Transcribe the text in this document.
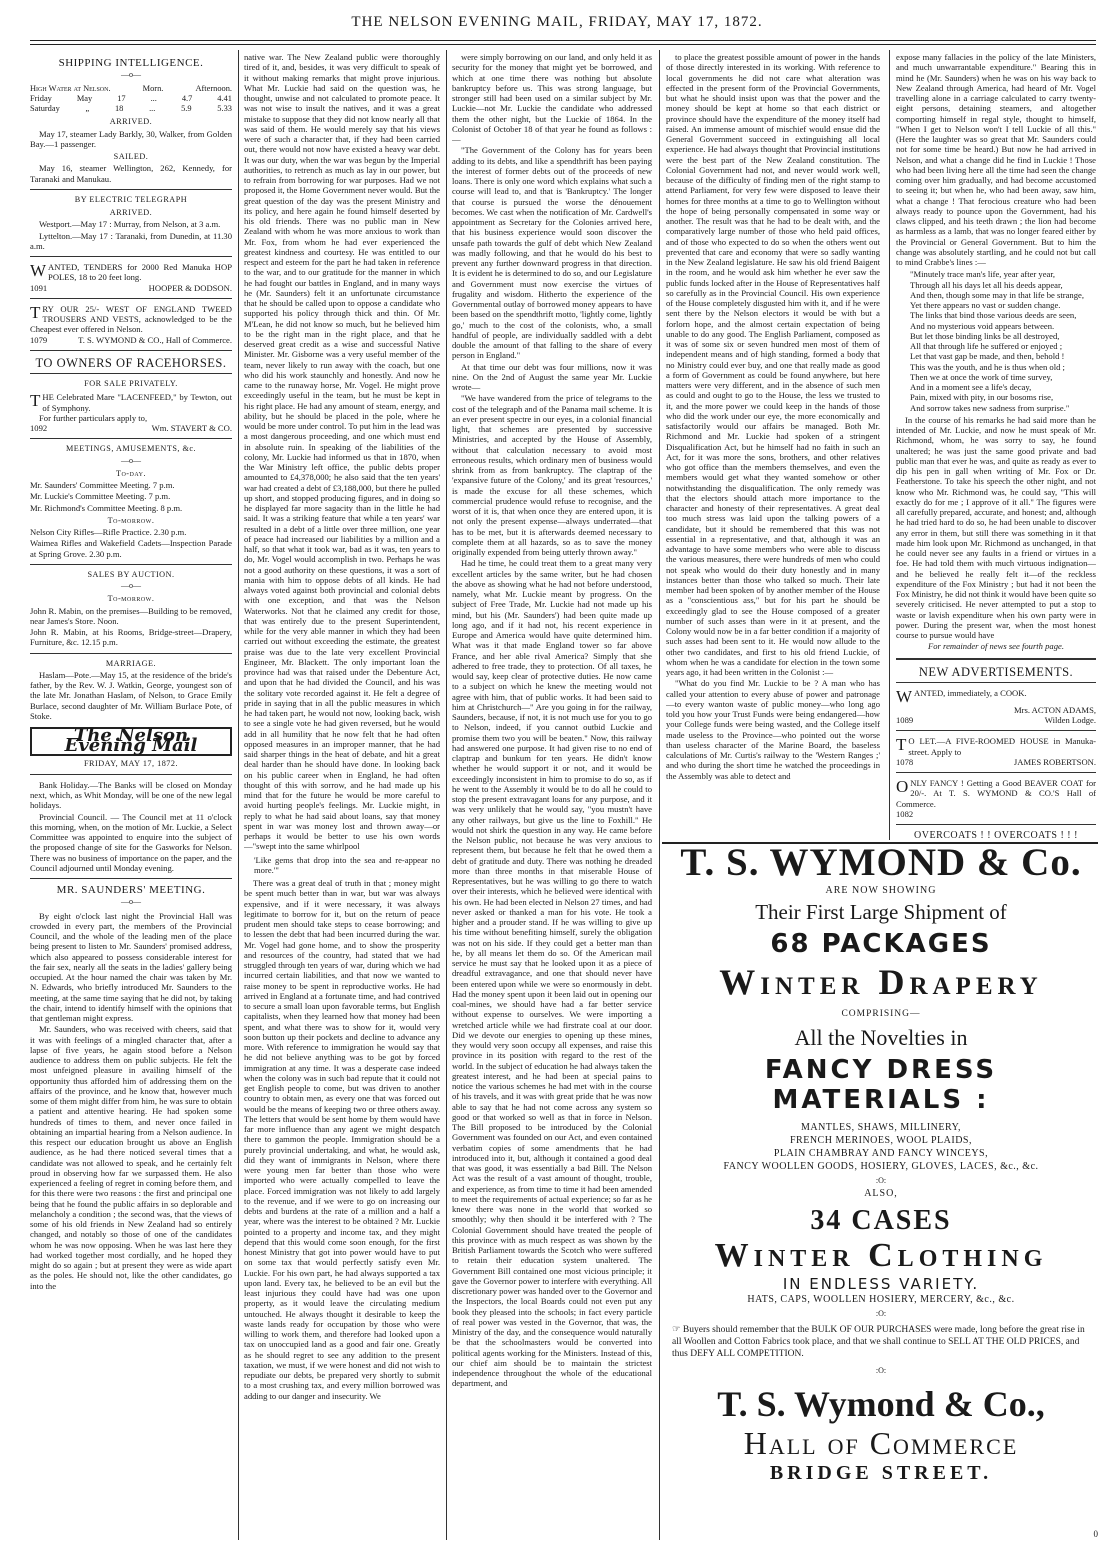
THE NELSON EVENING MAIL, FRIDAY, MAY 17, 1872.
SHIPPING INTELLIGENCE.
—o—
High Water at Nelson.	Morn.	Afternoon.
Friday	May	17	...	4.7	4.41
Saturday	„	18	...	5.9	5.33
ARRIVED.

May 17, steamer Lady Barkly, 30, Walker, from Golden Bay.—1 passenger.

SAILED.

May 16, steamer Wellington, 262, Kennedy, for Taranaki and Manukau.

BY ELECTRIC TELEGRAPH
ARRIVED.

Westport.—May 17 : Murray, from Nelson, at 3 a.m.

Lyttelton.—May 17 : Taranaki, from Dunedin, at 11.30 a.m.

WANTED, TENDERS for 2000 Red Manuka HOP POLES, 18 to 20 feet long.
1091	HOOPER & DODSON.
TRY OUR 25/- WEST OF ENGLAND TWEED TROUSERS AND VESTS, acknowledged to be the Cheapest ever offered in Nelson.
1079	T. S. WYMOND & CO., Hall of Commerce.
TO OWNERS OF RACEHORSES.
FOR SALE PRIVATELY.
T HE Celebrated Mare "LACENFEED," by Tewton, out of Symphony.
For further particulars apply to,
1092	Wm. STAVERT & CO.
MEETINGS, AMUSEMENTS, &c.
—o—
To-day.

Mr. Saunders' Committee Meeting. 7 p.m.

Mr. Luckie's Committee Meeting. 7 p.m.

Mr. Richmond's Committee Meeting. 8 p.m.

To-morrow.

Nelson City Rifles—Rifle Practice. 2.30 p.m.

Waimea Rifles and Wakefield Cadets—Inspection Parade at Spring Grove. 2.30 p.m.

SALES BY AUCTION.
—o—
To-morrow.

John R. Mabin, on the premises—Building to be removed, near James's Store. Noon.

John R. Mabin, at his Rooms, Bridge-street—Drapery, Furniture, &c. 12.15 p.m.

MARRIAGE.

Haslam—Pote.—May 15, at the residence of the bride's father, by the Rev. W. J. Watkin, George, youngest son of the late Mr. Jonathan Haslam, of Nelson, to Grace Emily Burlace, second daughter of Mr. William Burlace Pote, of Stoke.

The Nelson Evening Mail
FRIDAY, MAY 17, 1872.

Bank Holiday.—The Banks will be closed on Monday next, which, as Whit Monday, will be one of the new legal holidays.

Provincial Council. — The Council met at 11 o'clock this morning, when, on the motion of Mr. Luckie, a Select Committee was appointed to enquire into the subject of the proposed change of site for the Gasworks for Nelson. There was no business of importance on the paper, and the Council adjourned until Monday evening.

MR. SAUNDERS' MEETING.
—o—

By eight o'clock last night the Provincial Hall was crowded in every part, the members of the Provincial Council, and the whole of the leading men of the place being present to listen to Mr. Saunders' promised address, which also appeared to possess considerable interest for the fair sex, nearly all the seats in the ladies' gallery being occupied. At the hour named the chair was taken by Mr. N. Edwards, who briefly introduced Mr. Saunders to the meeting, at the same time saying that he did not, by taking the chair, intend to identify himself with the opinions that that gentleman might express.

Mr. Saunders, who was received with cheers, said that it was with feelings of a mingled character that, after a lapse of five years, he again stood before a Nelson audience to address them on public subjects. He felt the most unfeigned pleasure in availing himself of the opportunity thus afforded him of addressing them on the affairs of the province, and he know that, however much some of them might differ from him, he was sure to obtain a patient and attentive hearing. He had spoken some hundreds of times to them, and never once failed in obtaining an impartial hearing from a Nelson audience. In this respect our education brought us above an English audience, as he had there noticed several times that a candidate was not allowed to speak, and he certainly felt proud in observing how far we surpassed them. He also experienced a feeling of regret in coming before them, and for this there were two reasons : the first and principal one being that he found the public affairs in so deplorable and melancholy a condition ; the second was, that the views of some of his old friends in New Zealand had so entirely changed, and notably so those of one of the candidates whom he was now opposing. When he was last here they had worked together most cordially, and he hoped they might do so again ; but at present they were as wide apart as the poles. He should not, like the other candidates, go into the

native war. The New Zealand public were thoroughly tired of it, and, besides, it was very difficult to speak of it without making remarks that might prove injurious. What Mr. Luckie had said on the question was, he thought, unwise and not calculated to promote peace. It was not wise to insult the natives, and it was a great mistake to suppose that they did not know nearly all that was said of them. He would merely say that his views were of such a character that, if they had been carried out, there would not now have existed a heavy war debt. It was our duty, when the war was begun by the Imperial authorities, to retrench as much as lay in our power, but to refrain from borrowing for war purposes. Had we not proposed it, the Home Government never would. But the great question of the day was the present Ministry and its policy, and here again he found himself deserted by his old friends. There was no public man in New Zealand with whom he was more anxious to work than Mr. Fox, from whom he had ever experienced the greatest kindness and courtesy. He was entitled to our respect and esteem for the part he had taken in reference to the war, and to our gratitude for the manner in which he had fought our battles in England, and in many ways he (Mr. Saunders) felt it an unfortunate circumstance that he should be called upon to oppose a candidate who supported his policy through thick and thin. Of Mr. M'Lean, he did not know so much, but he believed him to be the right man in the right place, and that he deserved great credit as a wise and successful Native Minister. Mr. Gisborne was a very useful member of the team, never likely to run away with the coach, but one who did his work staunchly and honestly. And now he came to the runaway horse, Mr. Vogel. He might prove exceedingly useful in the team, but he must be kept in his right place. He had any amount of steam, energy, and ability, but he should be placed in the pole, where he would be more under control. To put him in the lead was a most dangerous proceeding, and one which must end in absolute ruin. In speaking of the liabilities of the colony, Mr. Luckie had informed us that in 1870, when the War Ministry left office, the public debts proper amounted to £4,378,000; he also said that the ten years' war had created a debt of £3,188,000, but there he pulled up short, and stopped producing figures, and in doing so he displayed far more sagacity than in the little he had said. It was a striking feature that while a ten years' war resulted in a debt of a little over three million, one year of peace had increased our liabilities by a million and a half, so that what it took war, bad as it was, ten years to do, Mr. Vogel would accomplish in two. Perhaps he was not a good authority on these questions, it was a sort of mania with him to oppose debts of all kinds. He had always voted against both provincial and colonial debts with one exception, and that was the Nelson Waterworks. Not that he claimed any credit for those, that was entirely due to the present Superintendent, while for the very able manner in which they had been carried out without exceeding the estimate, the greatest praise was due to the late very excellent Provincial Engineer, Mr. Blackett. The only important loan the province had was that raised under the Debenture Act, and upon that he had divided the Council, and his was the solitary vote recorded against it. He felt a degree of pride in saying that in all the public measures in which he had taken part, he would not now, looking back, wish to see a single vote he had given reversed, but he would add in all humility that he now felt that he had often opposed measures in an improper manner, that he had said sharper things in the heat of debate, and hit a great deal harder than he should have done. In looking back on his public career when in England, he had often thought of this with sorrow, and he had made up his mind that for the future he would be more careful to avoid hurting people's feelings. Mr. Luckie might, in reply to what he had said about loans, say that money spent in war was money lost and thrown away—or perhaps it would be better to use his own words—"swept into the same whirlpool

'Like gems that drop into the sea and re-appear no more.'"

There was a great deal of truth in that ; money might be spent much better than in war, but war was always expensive, and if it were necessary, it was always legitimate to borrow for it, but on the return of peace prudent men should take steps to cease borrowing; and to lessen the debt that had been incurred during the war. Mr. Vogel had gone home, and to show the prosperity and resources of the country, had stated that we had struggled through ten years of war, during which we had incurred certain liabilities, and that now we wanted to raise money to be spent in reproductive works. He had arrived in England at a fortunate time, and had contrived to secure a small loan upon favorable terms, but English capitalists, when they learned how that money had been spent, and what there was to show for it, would very soon button up their pockets and decline to advance any more. With reference to immigration he would say that he did not believe anything was to be got by forced immigration at any time. It was a desperate case indeed when the colony was in such bad repute that it could not get English people to come, but was driven to another country to obtain men, as every one that was forced out would be the means of keeping two or three others away. The letters that would be sent home by them would have far more influence than any agent we might despatch there to gammon the people. Immigration should be a purely provincial undertaking, and what, he would ask, did they want of immigrants in Nelson, where there were young men far better than those who were imported who were actually compelled to leave the place. Forced immigration was not likely to add largely to the revenue, and if we were to go on increasing our debts and burdens at the rate of a million and a half a year, where was the interest to be obtained ? Mr. Luckie pointed to a property and income tax, and they might depend that this would come soon enough, for the first honest Ministry that got into power would have to put on some tax that would perfectly satisfy even Mr. Luckie. For his own part, he had always supported a tax upon land. Every tax, he believed to be an evil but the least injurious they could have had was one upon property, as it would leave the circulating medium untouched. He always thought it desirable to keep the waste lands ready for occupation by those who were willing to work them, and therefore had looked upon a tax on unoccupied land as a good and fair one. Greatly as he should regret to see any addition to the present taxation, we must, if we were honest and did not wish to repudiate our debts, be prepared very shortly to submit to a most crushing tax, and every million borrowed was adding to our danger and insecurity. We

were simply borrowing on our land, and only held it as security for the money that might yet be borrowed, and which at one time there was nothing but absolute bankruptcy before us. This was strong language, but stronger still had been used on a similar subject by Mr. Luckie—not Mr. Luckie the candidate who addressed them the other night, but the Luckie of 1864. In the Colonist of October 18 of that year he found as follows :—

"The Government of the Colony has for years been adding to its debts, and like a spendthrift has been paying the interest of former debts out of the proceeds of new loans. There is only one word which explains what such a course will lead to, and that is 'Bankruptcy.' The longer that course is pursued the worse the dénouement becomes. We cast when the notification of Mr. Cardwell's appointment as Secretary for the Colonies arrived here, that his business experience would soon discover the unsafe path towards the gulf of debt which New Zealand was madly following, and that he would do his best to prevent any further downward progress in that direction. It is evident he is determined to do so, and our Legislature and Government must now exercise the virtues of frugality and wisdom. Hitherto the experience of the Governmental outlay of borrowed money appears to have been based on the spendthrift motto, 'lightly come, lightly go,' much to the cost of the colonists, who, a small handful of people, are individually saddled with a debt double the amount of that falling to the share of every person in England."

At that time our debt was four millions, now it was nine. On the 2nd of August the same year Mr. Luckie wrote—

"We have wandered from the price of telegrams to the cost of the telegraph and of the Panama mail scheme. It is an ever present spectre in our eyes, in a colonial financial light, that schemes are presented by successive Ministries, and accepted by the House of Assembly, without that calculation necessary to avoid most erroneous results, which ordinary men of business would shrink from as from bankruptcy. The claptrap of the 'expansive future of the Colony,' and its great 'resources,' is made the excuse for all these schemes, which commercial prudence would refuse to recognise, and the worst of it is, that when once they are entered upon, it is not only the present expense—always underrated—that has to be met, but it is afterwards deemed necessary to complete them at all hazards, so as to save the money originally expended from being utterly thrown away."

Had he time, he could treat them to a great many very excellent articles by the same writer, but he had chosen the above as showing what he had not before understood, namely, what Mr. Luckie meant by progress. On the subject of Free Trade, Mr. Luckie had not made up his mind, but his (Mr. Saunders') had been quite made up long ago, and if it had not, his recent experience in Europe and America would have quite determined him. What was it that made England tower so far above France, and her able rival America? Simply that she adhered to free trade, they to protection. Of all taxes, he would say, keep clear of protective duties. He now came to a subject on which he knew the meeting would not agree with him, that of public works. It had been said to him at Christchurch—" Are you going in for the railway, Saunders, because, if not, it is not much use for you to go to Nelson, indeed, if you cannot outbid Luckie and promise them two you will be beaten." Now, this railway had answered one purpose. It had given rise to no end of claptrap and bunkum for ten years. He didn't know whether he would support it or not, and it would be exceedingly inconsistent in him to promise to do so, as if he went to the Assembly it would be to do all he could to stop the present extravagant loans for any purpose, and it was very unlikely that he would say, "you mustn't have any other railways, but give us the line to Foxhill." He would not shirk the question in any way. He came before the Nelson public, not because he was very anxious to represent them, but because he felt that he owed them a debt of gratitude and duty. There was nothing he dreaded more than three months in that miserable House of Representatives, but he was willing to go there to watch over their interests, which he believed were identical with his own. He had been elected in Nelson 27 times, and had never asked or thanked a man for his vote. He took a higher and a prouder stand. If he was willing to give up his time without benefiting himself, surely the obligation was not on his side. If they could get a better man than he, by all means let them do so. Of the American mail service he must say that he looked upon it as a piece of dreadful extravagance, and one that should never have been entered upon while we were so enormously in debt. Had the money spent upon it been laid out in opening our coal-mines, we should have had a far better service without expense to ourselves. We were importing a wretched article while we had firstrate coal at our door. Did we devote our energies to opening up these mines, they would very soon occupy all expenses, and raise this province in its position with regard to the rest of the world. In the subject of education he had always taken the greatest interest, and he had been at special pains to notice the various schemes he had met with in the course of his travels, and it was with great pride that he was now able to say that he had not come across any system so good or that worked so well as that in force in Nelson. The Bill proposed to be introduced by the Colonial Government was founded on our Act, and even contained verbatim copies of some amendments that he had introduced into it, but, although it contained a good deal that was good, it was essentially a bad Bill. The Nelson Act was the result of a vast amount of thought, trouble, and experience, as from time to time it had been amended to meet the requirements of actual experience; so far as he knew there was none in the world that worked so smoothly; why then should it be interfered with ? The Colonial Government should have treated the people of this province with as much respect as was shown by the British Parliament towards the Scotch who were suffered to retain their education system unaltered. The Government Bill contained one most vicious principle; it gave the Governor power to interfere with everything. All discretionary power was handed over to the Governor and the Inspectors, the local Boards could not even put any book they pleased into the schools; in fact every particle of real power was vested in the Governor, that was, the Ministry of the day, and the consequence would naturally be that the schoolmasters would be converted into political agents working for the Ministers. Instead of this, our chief aim should be to maintain the strictest independence throughout the whole of the educational department, and

to place the greatest possible amount of power in the hands of those directly interested in its working. With reference to local governments he did not care what alteration was effected in the present form of the Provincial Governments, but what he should insist upon was that the power and the money should be kept at home so that each district or province should have the expenditure of the money itself had raised. An immense amount of mischief would ensue did the General Government succeed in extinguishing all local experience. He had always thought that Provincial institutions were the best part of the New Zealand constitution. The Colonial Government had not, and never would work well, because of the difficulty of finding men of the right stamp to attend Parliament, for very few were disposed to leave their homes for three months at a time to go to Wellington without the hope of being personally compensated in some way or another. The result was that he had to be dealt with, and the comparatively large number of those who held paid offices, and of those who expected to do so when the others went out prevented that care and economy that were so sadly wanting in the New Zealand legislature. He saw his old friend Baigent in the room, and he would ask him whether he ever saw the public funds locked after in the House of Representatives half so carefully as in the Provincial Council. His own experience of the House completely disgusted him with it, and if he were sent there by the Nelson electors it would be with but a forlorn hope, and the almost certain expectation of being unable to do any good. The English Parliament, composed as it was of some six or seven hundred men most of them of independent means and of high standing, formed a body that no Ministry could ever buy, and one that really made as good a form of Government as could be found anywhere, but here matters were very different, and in the absence of such men as could and ought to go to the House, the less we trusted to it, and the more power we could keep in the hands of those who did the work under our eye, the more economically and satisfactorily would our affairs be managed. Both Mr. Richmond and Mr. Luckie had spoken of a stringent Disqualification Act, but he himself had no faith in such an Act, for it was more the sons, brothers, and other relatives who got office than the members themselves, and even the members would get what they wanted somehow or other notwithstanding the disqualification. The only remedy was that the electors should attach more importance to the character and honesty of their representatives. A great deal too much stress was laid upon the talking powers of a candidate, but it should be remembered that this was not essential in a representative, and that, although it was an advantage to have some members who were able to discuss the various measures, there were hundreds of men who could not speak who would do their duty honestly and in many instances better than those who talked so much. Their late member had been spoken of by another member of the House as a "conscientious ass," but for his part he should be exceedingly glad to see the House composed of a greater number of such asses than were in it at present, and the Colony would now be in a far better condition if a majority of such asses had been sent to it. He would now allude to the other two candidates, and first to his old friend Luckie, of whom when he was a candidate for election in the town some years ago, it had been written in the Colonist :—

"What do you find Mr. Luckie to be ? A man who has called your attention to every abuse of power and patronage—to every wanton waste of public money—who long ago told you how your Trust Funds were being endangered—how your College funds were being wasted, and the College itself made useless to the Province—who pointed out the worse than useless character of the Marine Board, the baseless calculations of Mr. Curtis's railway to the 'Western Ranges ;' and who during the short time he watched the proceedings in the Assembly was able to detect and

expose many fallacies in the policy of the late Ministers, and much unwarrantable expenditure." Bearing this in mind he (Mr. Saunders) when he was on his way back to New Zealand through America, had heard of Mr. Vogel travelling alone in a carriage calculated to carry twenty-eight persons, detaining steamers, and altogether comporting himself in regal style, thought to himself, "When I get to Nelson won't I tell Luckie of all this." (Here the laughter was so great that Mr. Saunders could not for some time be heard.) But now he had arrived in Nelson, and what a change did he find in Luckie ! Those who had been living here all the time had seen the change coming over him gradually, and had become accustomed to seeing it; but when he, who had been away, saw him, what a change ! That ferocious creature who had been always ready to pounce upon the Government, had his claws clipped, and his teeth drawn ; the lion had become as harmless as a lamb, that was no longer feared either by the Provincial or General Government. But to him the change was absolutely startling, and he could not but call to mind Crabbe's lines :—

"Minutely trace man's life, year after year,
Through all his days let all his deeds appear,
And then, though some may in that life be strange,
Yet there appears no vast or sudden change.
The links that bind those various deeds are seen,
And no mysterious void appears between.
But let those binding links be all destroyed,
All that through life he suffered or enjoyed ;
Let that vast gap be made, and then, behold !
This was the youth, and he is thus when old ;
Then we at once the work of time survey,
And in a moment see a life's decay,
Pain, mixed with pity, in our bosoms rise,
And sorrow takes new sadness from surprise."

In the course of his remarks he had said more than he intended of Mr. Luckie, and now he must speak of Mr. Richmond, whom, he was sorry to say, he found unaltered; he was just the same good private and bad public man that ever he was, and quite as ready as ever to dip his pen in gall when writing of Mr. Fox or Dr. Featherstone. To take his speech the other night, and not know who Mr. Richmond was, he could say, "This will exactly do for me ; I approve of it all." The figures were all carefully prepared, accurate, and honest; and, although he had tried hard to do so, he had been unable to discover any error in them, but still there was something in it that made him look upon Mr. Richmond as unchanged, in that he could never see any faults in a friend or virtues in a foe. He had told them with much virtuous indignation—and he believed he really felt it—of the reckless expenditure of the Fox Ministry ; but had it not been the Fox Ministry, he did not think it would have been quite so severely criticised. He never attempted to put a stop to waste or lavish expenditure when his own party were in power. During the present war, when the most honest course to pursue would have

For remainder of news see fourth page.

NEW ADVERTISEMENTS.
WANTED, immediately, a COOK.
Mrs. ACTON ADAMS,
1089	Wilden Lodge.
T O LET.—A FIVE-ROOMED HOUSE in Manuka-street. Apply to
1078	JAMES ROBERTSON.
ONLY FANCY ! Getting a Good BEAVER COAT for 20/-. At T. S. WYMOND & CO.'S Hall of Commerce.
1082
OVERCOATS ! ! OVERCOATS ! ! !
T. S. WYMOND & Co.
ARE NOW SHOWING
Their First Large Shipment of
68 PACKAGES
Winter Drapery
COMPRISING—
All the Novelties in
FANCY DRESS MATERIALS :
MANTLES, SHAWS, MILLINERY,
FRENCH MERINOES, WOOL PLAIDS,
PLAIN CHAMBRAY AND FANCY WINCEYS,
FANCY WOOLLEN GOODS, HOSIERY, GLOVES, LACES, &c., &c.
:O:
ALSO,
34 CASES
Winter Clothing
IN ENDLESS VARIETY.
HATS, CAPS, WOOLLEN HOSIERY, MERCERY, &c., &c.
:O:
☞ Buyers should remember that the BULK OF OUR PURCHASES were made, long before the great rise in all Woollen and Cotton Fabrics took place, and that we shall continue to SELL AT THE OLD PRICES, and thus DEFY ALL COMPETITION.
:O:
T. S. Wymond & Co.,
Hall of Commerce
BRIDGE STREET.
0
